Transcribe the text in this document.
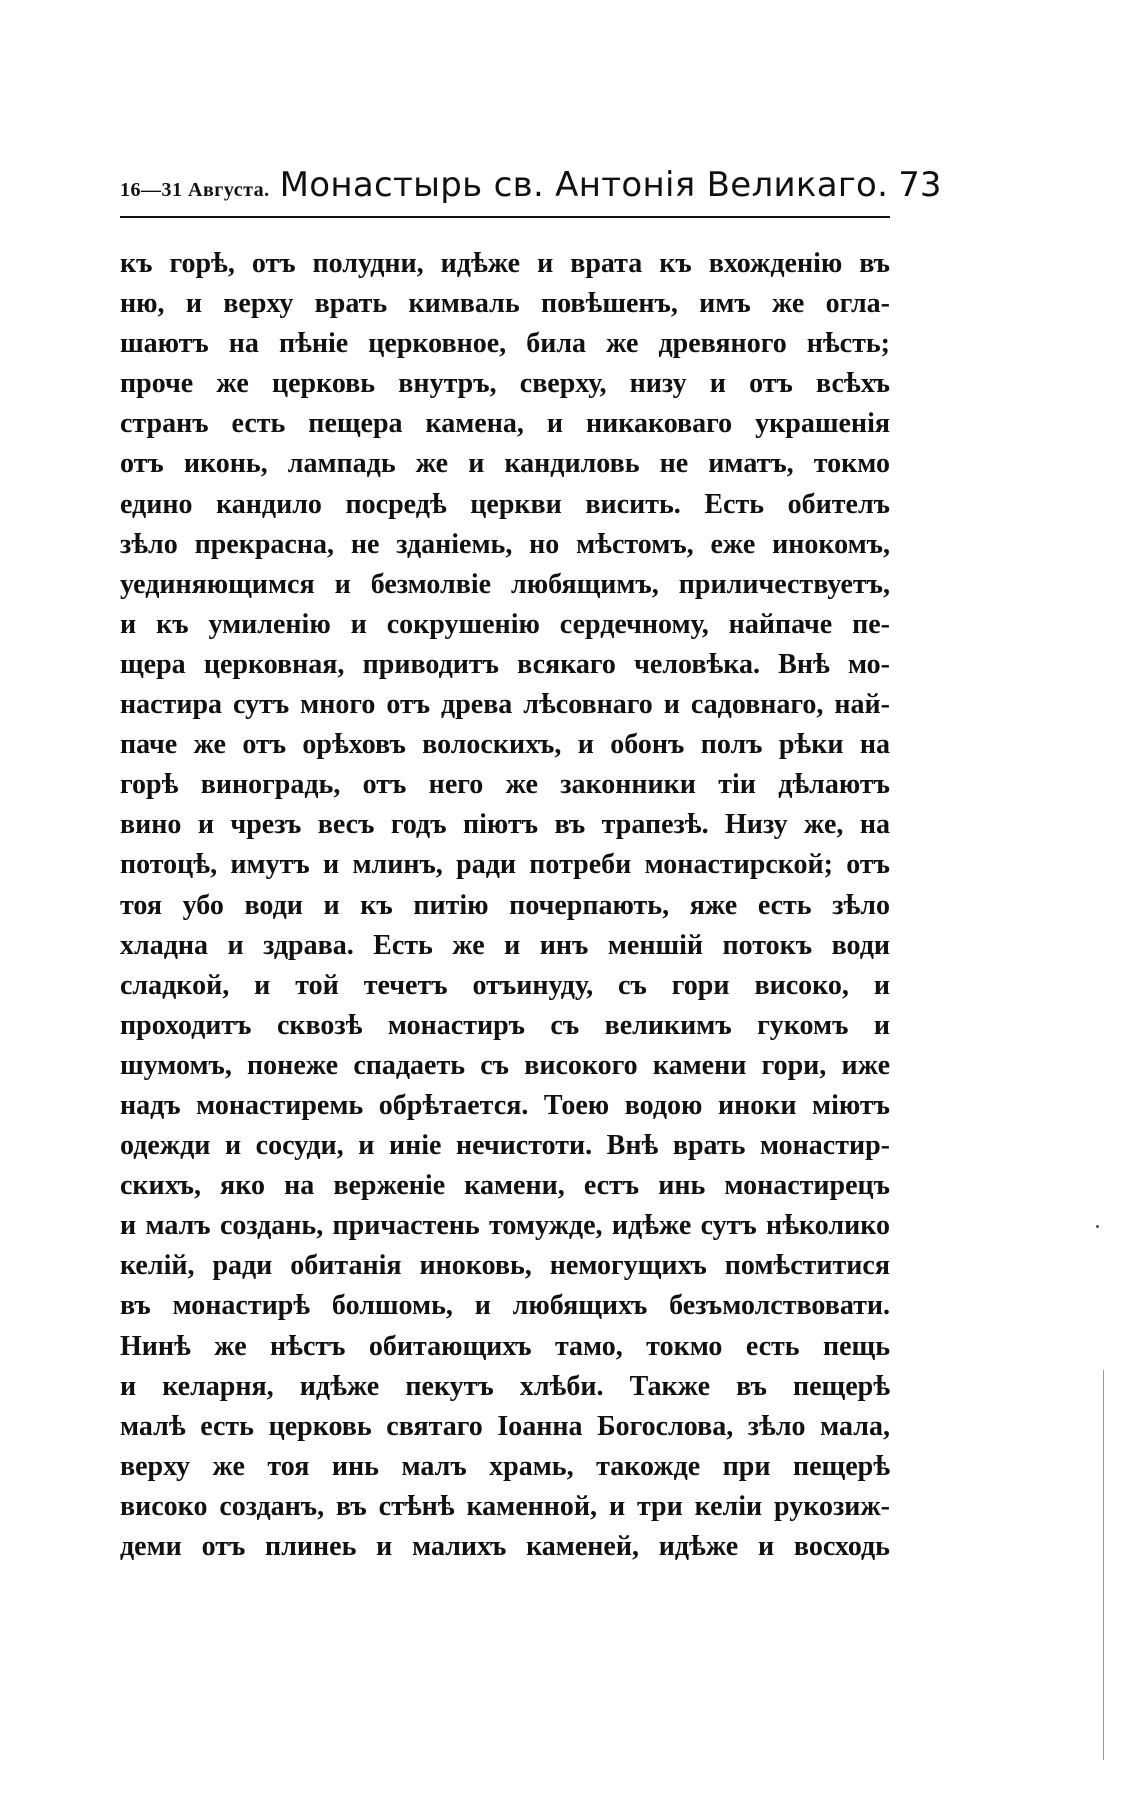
16—31 Августа. Монастырь св. Антонія Великаго. 73
къ горѣ, отъ полудни, идѣже и врата къ вхожденію въ
ню, и верху врать кимваль повѣшенъ, имъ же огла-
шаютъ на пѣніе церковное, била же древяного нѣсть;
проче же церковь внутръ, сверху, низу и отъ всѣхъ
странъ есть пещера камена, и никаковаго украшенія
отъ иконь, лампадь же и кандиловь не иматъ, токмо
едино кандило посредѣ церкви висить. Есть обителъ
зѣло прекрасна, не зданіемь, но мѣстомъ, еже инокомъ,
уединяющимся и безмолвіе любящимъ, приличествуетъ,
и къ умиленію и сокрушенію сердечному, найпаче пе-
щера церковная, приводитъ всякаго человѣка. Внѣ мо-
настира сутъ много отъ древа лѣсовнаго и садовнаго, най-
паче же отъ орѣховъ волоскихъ, и обонъ полъ рѣки на
горѣ виноградь, отъ него же законники тіи дѣлаютъ
вино и чрезъ весъ годъ піютъ въ трапезѣ. Низу же, на
потоцѣ, имутъ и млинъ, ради потреби монастирской; отъ
тоя убо води и къ питію почерпають, яже есть зѣло
хладна и здрава. Есть же и инъ меншій потокъ води
сладкой, и той течетъ отъинуду, съ гори високо, и
проходитъ сквозѣ монастиръ съ великимъ гукомъ и
шумомъ, понеже спадаеть съ високого камени гори, иже
надъ монастиремь обрѣтается. Тоею водою иноки міютъ
одежди и сосуди, и иніе нечистоти. Внѣ врать монастир-
скихъ, яко на верженіе камени, естъ инь монастирецъ
и малъ создань, причастень томужде, идѣже сутъ нѣколико
келій, ради обитанія иноковь, немогущихъ помѣститися
въ монастирѣ болшомь, и любящихъ безъмолствовати.
Нинѣ же нѣстъ обитающихъ тамо, токмо есть пещь
и келарня, идѣже пекутъ хлѣби. Также въ пещерѣ
малѣ есть церковь святаго Іоанна Богослова, зѣло мала,
верху же тоя инь малъ храмь, такожде при пещерѣ
високо созданъ, въ стѣнѣ каменной, и три келіи рукозиж-
деми отъ плинеь и малихъ каменей, идѣже и восходь
